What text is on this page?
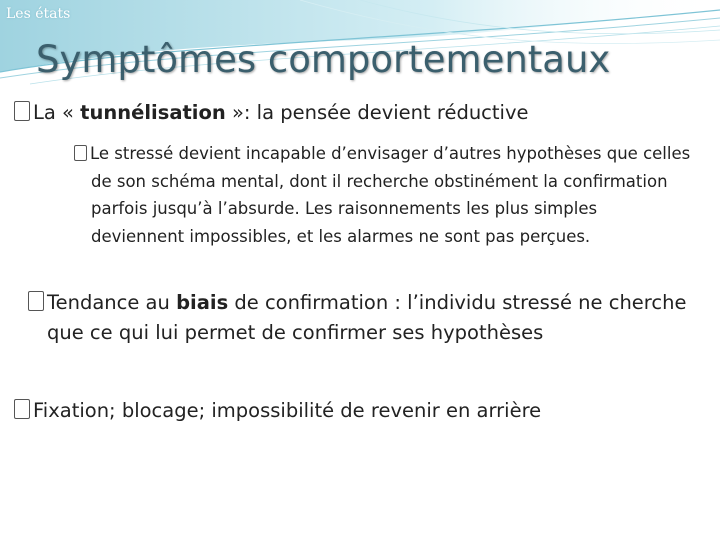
Les états
Symptômes comportementaux
La « tunnélisation »: la pensée devient réductive
Le stressé devient incapable d’envisager d’autres hypothèses que celles de son schéma mental, dont il recherche obstinément la confirmation parfois jusqu’à l’absurde. Les raisonnements les plus simples deviennent impossibles, et les alarmes ne sont pas perçues.
Tendance au biais de confirmation : l’individu stressé ne cherche que ce qui lui permet de confirmer ses hypothèses
Fixation; blocage; impossibilité de revenir en arrière
